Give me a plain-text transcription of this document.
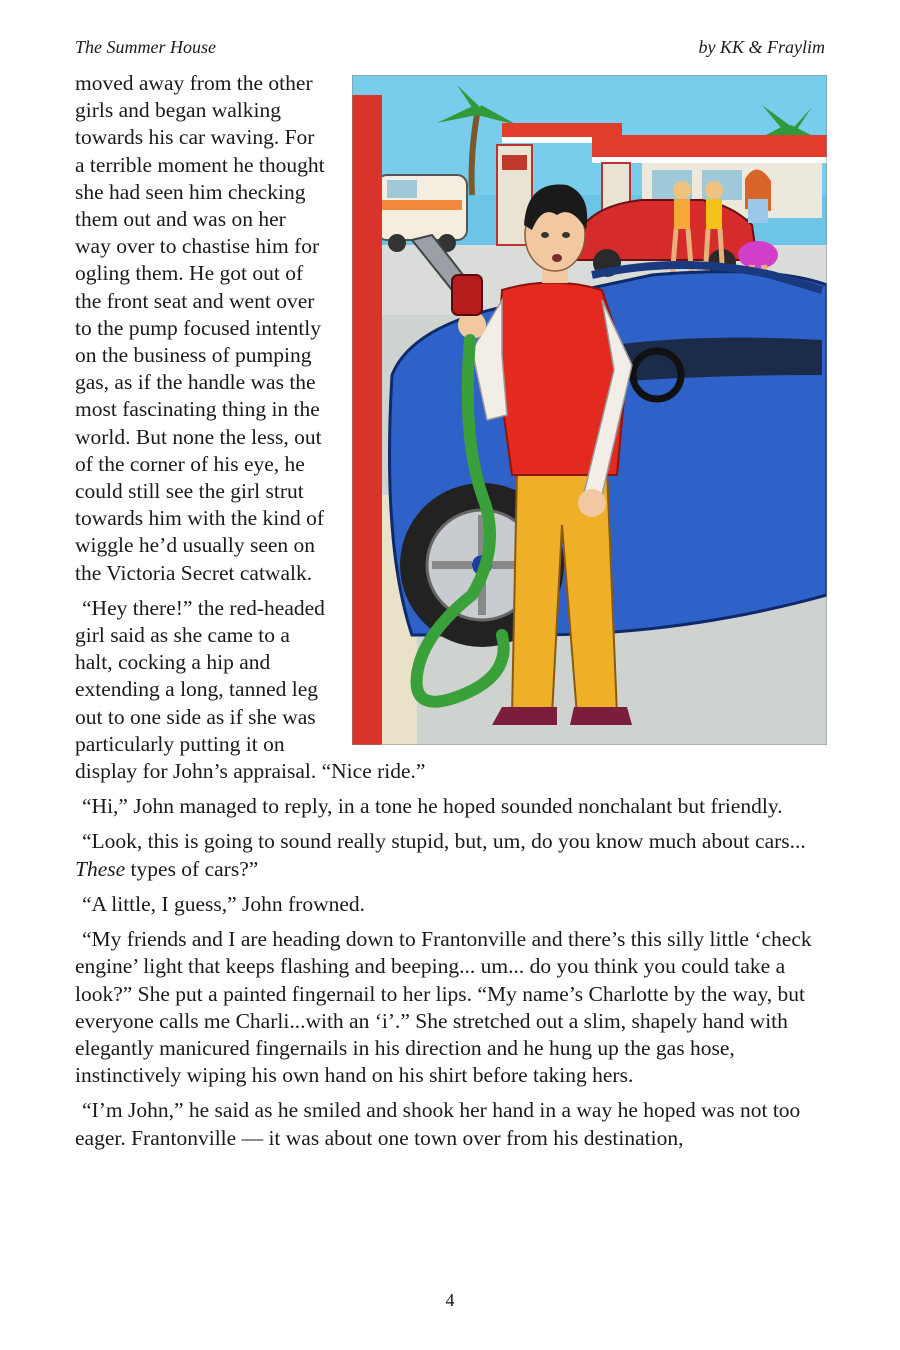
The Summer House	by KK & Fraylim

moved away from the other girls and began walking towards his car waving. For a terrible moment he thought she had seen him checking them out and was on her way over to chastise him for ogling them. He got out of the front seat and went over to the pump focused intently on the business of pumping gas, as if the handle was the most fascinating thing in the world. But none the less, out of the corner of his eye, he could still see the girl strut towards him with the kind of wiggle he’d usually seen on the Victoria Secret catwalk.

“Hey there!” the red-headed girl said as she came to a halt, cocking a hip and extending a long, tanned leg out to one side as if she was particularly putting it on display for John’s appraisal. “Nice ride.”

“Hi,” John managed to reply, in a tone he hoped sounded nonchalant but friendly.

“Look, this is going to sound really stupid, but, um, do you know much about cars... These types of cars?”

“A little, I guess,” John frowned.

“My friends and I are heading down to Frantonville and there’s this silly little ‘check engine’ light that keeps flashing and beeping... um... do you think you could take a look?” She put a painted fingernail to her lips. “My name’s Charlotte by the way, but everyone calls me Charli...with an ‘i’.” She stretched out a slim, shapely hand with elegantly manicured fingernails in his direction and he hung up the gas hose, instinctively wiping his own hand on his shirt before taking hers.

“I’m John,” he said as he smiled and shook her hand in a way he hoped was not too eager. Frantonville — it was about one town over from his destination,

4
